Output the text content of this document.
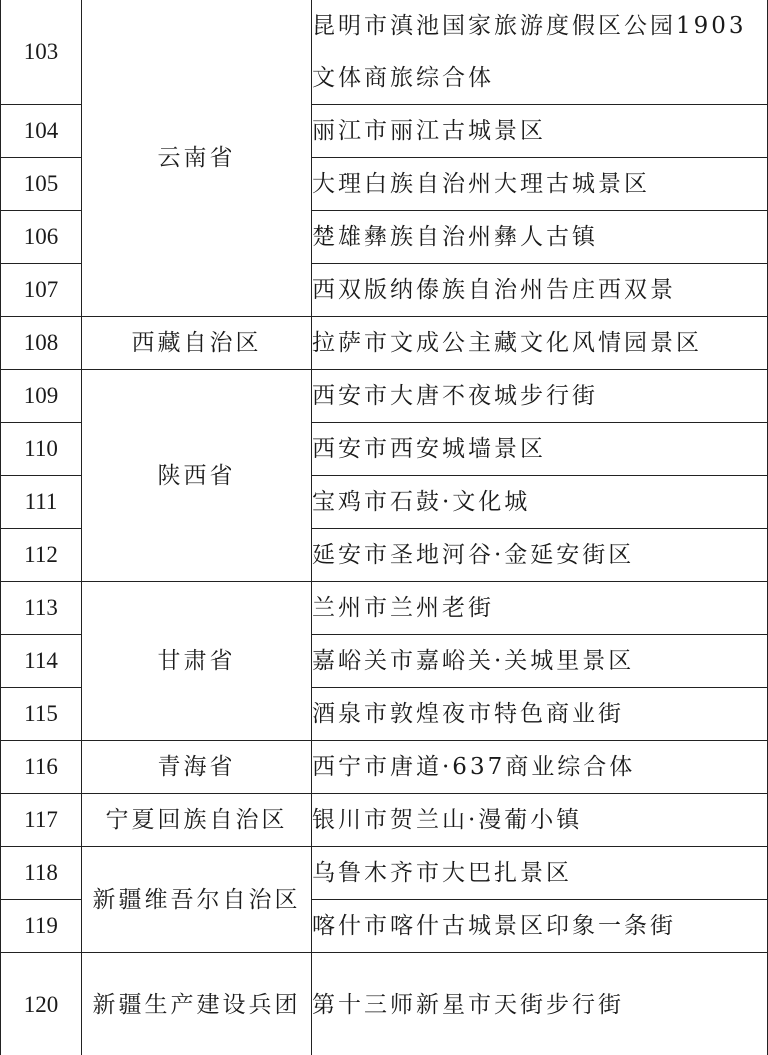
103	云南省	昆明市滇池国家旅游度假区公园1903文体商旅综合体
104		丽江市丽江古城景区
105		大理白族自治州大理古城景区
106		楚雄彝族自治州彝人古镇
107		西双版纳傣族自治州告庄西双景
108	西藏自治区	拉萨市文成公主藏文化风情园景区
109	陕西省	西安市大唐不夜城步行街
110		西安市西安城墙景区
111		宝鸡市石鼓·文化城
112		延安市圣地河谷·金延安街区
113	甘肃省	兰州市兰州老街
114		嘉峪关市嘉峪关·关城里景区
115		酒泉市敦煌夜市特色商业街
116	青海省	西宁市唐道·637商业综合体
117	宁夏回族自治区	银川市贺兰山·漫葡小镇
118	新疆维吾尔自治区	乌鲁木齐市大巴扎景区
119		喀什市喀什古城景区印象一条街
120	新疆生产建设兵团	第十三师新星市天街步行街
